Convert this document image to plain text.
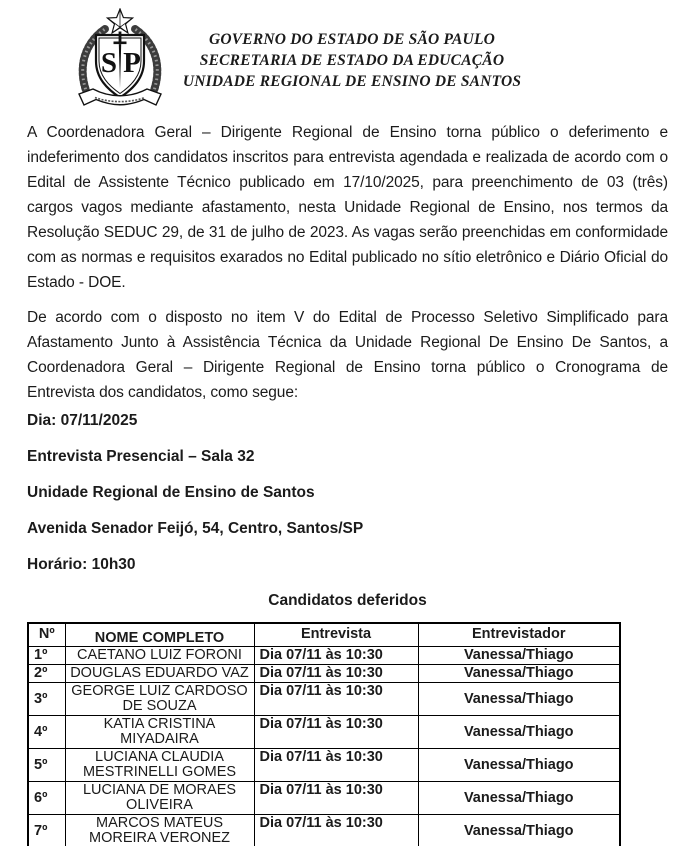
S P
GOVERNO DO ESTADO DE SÃO PAULO
SECRETARIA DE ESTADO DA EDUCAÇÃO
UNIDADE REGIONAL DE ENSINO DE SANTOS

A Coordenadora Geral – Dirigente Regional de Ensino torna público o deferimento e indeferimento dos candidatos inscritos para entrevista agendada e realizada de acordo com o Edital de Assistente Técnico publicado em 17/10/2025, para preenchimento de 03 (três) cargos vagos mediante afastamento, nesta Unidade Regional de Ensino, nos termos da Resolução SEDUC 29, de 31 de julho de 2023. As vagas serão preenchidas em conformidade com as normas e requisitos exarados no Edital publicado no sítio eletrônico e Diário Oficial do Estado - DOE.

De acordo com o disposto no item V do Edital de Processo Seletivo Simplificado para Afastamento Junto à Assistência Técnica da Unidade Regional De Ensino De Santos, a Coordenadora Geral – Dirigente Regional de Ensino torna público o Cronograma de Entrevista dos candidatos, como segue:

Dia: 07/11/2025

Entrevista Presencial – Sala 32

Unidade Regional de Ensino de Santos

Avenida Senador Feijó, 54, Centro, Santos/SP

Horário: 10h30

Candidatos deferidos
Nº	NOME COMPLETO	Entrevista	Entrevistador
1º	CAETANO LUIZ FORONI	Dia 07/11 às 10:30	Vanessa/Thiago
2º	DOUGLAS EDUARDO VAZ	Dia 07/11 às 10:30	Vanessa/Thiago
3º	GEORGE LUIZ CARDOSO DE SOUZA	Dia 07/11 às 10:30	Vanessa/Thiago
4º	KATIA CRISTINA MIYADAIRA	Dia 07/11 às 10:30	Vanessa/Thiago
5º	LUCIANA CLAUDIA MESTRINELLI GOMES	Dia 07/11 às 10:30	Vanessa/Thiago
6º	LUCIANA DE MORAES OLIVEIRA	Dia 07/11 às 10:30	Vanessa/Thiago
7º	MARCOS MATEUS MOREIRA VERONEZ	Dia 07/11 às 10:30	Vanessa/Thiago
